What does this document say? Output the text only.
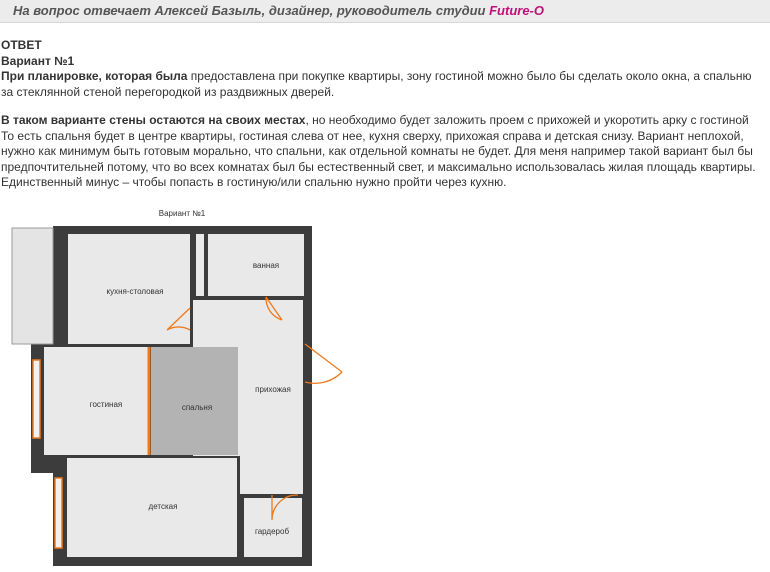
На вопрос отвечает Алексей Базыль, дизайнер, руководитель студии Future-O
ОТВЕТ
Вариант №1
При планировке, которая была предоставлена при покупке квартиры, зону гостиной можно было бы сделать около окна, а спальню
за стеклянной стеной перегородкой из раздвижных дверей.
В таком варианте стены остаются на своих местах, но необходимо будет заложить проем с прихожей и укоротить арку с гостиной
То есть спальня будет в центре квартиры, гостиная слева от нее, кухня сверху, прихожая справа и детская снизу. Вариант неплохой,
нужно как минимум быть готовым морально, что спальни, как отдельной комнаты не будет. Для меня например такой вариант был бы
предпочтительней потому, что во всех комнатах был бы естественный свет, и максимально использовалась жилая площадь квартиры.
Единственный минус – чтобы попасть в гостиную/или спальню нужно пройти через кухню.
Вариант №1
кухня-столовая
ванная
прихожая
гостиная	спальня
детская
гардероб
